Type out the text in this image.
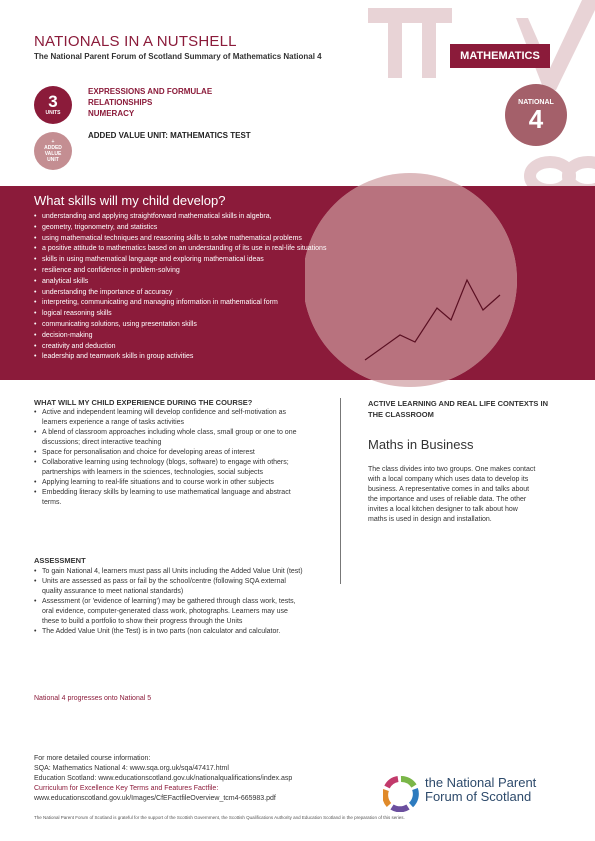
NATIONALS IN A NUTSHELL
The National Parent Forum of Scotland Summary of Mathematics National 4
3
UNITS
+
ADDED
VALUE
UNIT
EXPRESSIONS AND FORMULAE
RELATIONSHIPS
NUMERACY
ADDED VALUE UNIT: MATHEMATICS TEST
MATHEMATICS
NATIONAL
4
What skills will my child develop?
• understanding and applying straightforward mathematical skills in algebra,
• geometry, trigonometry, and statistics
• using mathematical techniques and reasoning skills to solve mathematical problems
• a positive attitude to mathematics based on an understanding of its use in real-life situations
• skills in using mathematical language and exploring mathematical ideas
• resilience and confidence in problem-solving
• analytical skills
• understanding the importance of accuracy
• interpreting, communicating and managing information in mathematical form
• logical reasoning skills
• communicating solutions, using presentation skills
• decision-making
• creativity and deduction
• leadership and teamwork skills in group activities
WHAT WILL MY CHILD EXPERIENCE DURING THE COURSE?
• Active and independent learning will develop confidence and self-motivation as learners experience a range of tasks activities
• A blend of classroom approaches including whole class, small group or one to one discussions; direct interactive teaching
• Space for personalisation and choice for developing areas of interest
• Collaborative learning using technology (blogs, software) to engage with others; partnerships with learners in the sciences, technologies, social subjects
• Applying learning to real-life situations and to course work in other subjects
• Embedding literacy skills by learning to use mathematical language and abstract terms.
ASSESSMENT
• To gain National 4, learners must pass all Units including the Added Value Unit (test)
• Units are assessed as pass or fail by the school/centre (following SQA external quality assurance to meet national standards)
• Assessment (or 'evidence of learning') may be gathered through class work, tests, oral evidence, computer-generated class work, photographs. Learners may use these to build a portfolio to show their progress through the Units
• The Added Value Unit (the Test) is in two parts (non calculator and calculator.
National 4 progresses onto National 5
ACTIVE LEARNING AND REAL LIFE CONTEXTS IN THE CLASSROOM
Maths in Business
The class divides into two groups. One makes contact with a local company which uses data to develop its business. A representative comes in and talks about the importance and uses of reliable data. The other invites a local kitchen designer to talk about how maths is used in design and installation.
For more detailed course information:
SQA: Mathematics National 4: www.sqa.org.uk/sqa/47417.html
Education Scotland: www.educationscotland.gov.uk/nationalqualifications/index.asp
Curriculum for Excellence Key Terms and Features Factfile:
www.educationscotland.gov.uk/Images/CfEFactfileOverview_tcm4-665983.pdf
the National Parent
Forum of Scotland
The National Parent Forum of Scotland is grateful for the support of the Scottish Government, the Scottish Qualifications Authority and Education Scotland in the preparation of this series.
